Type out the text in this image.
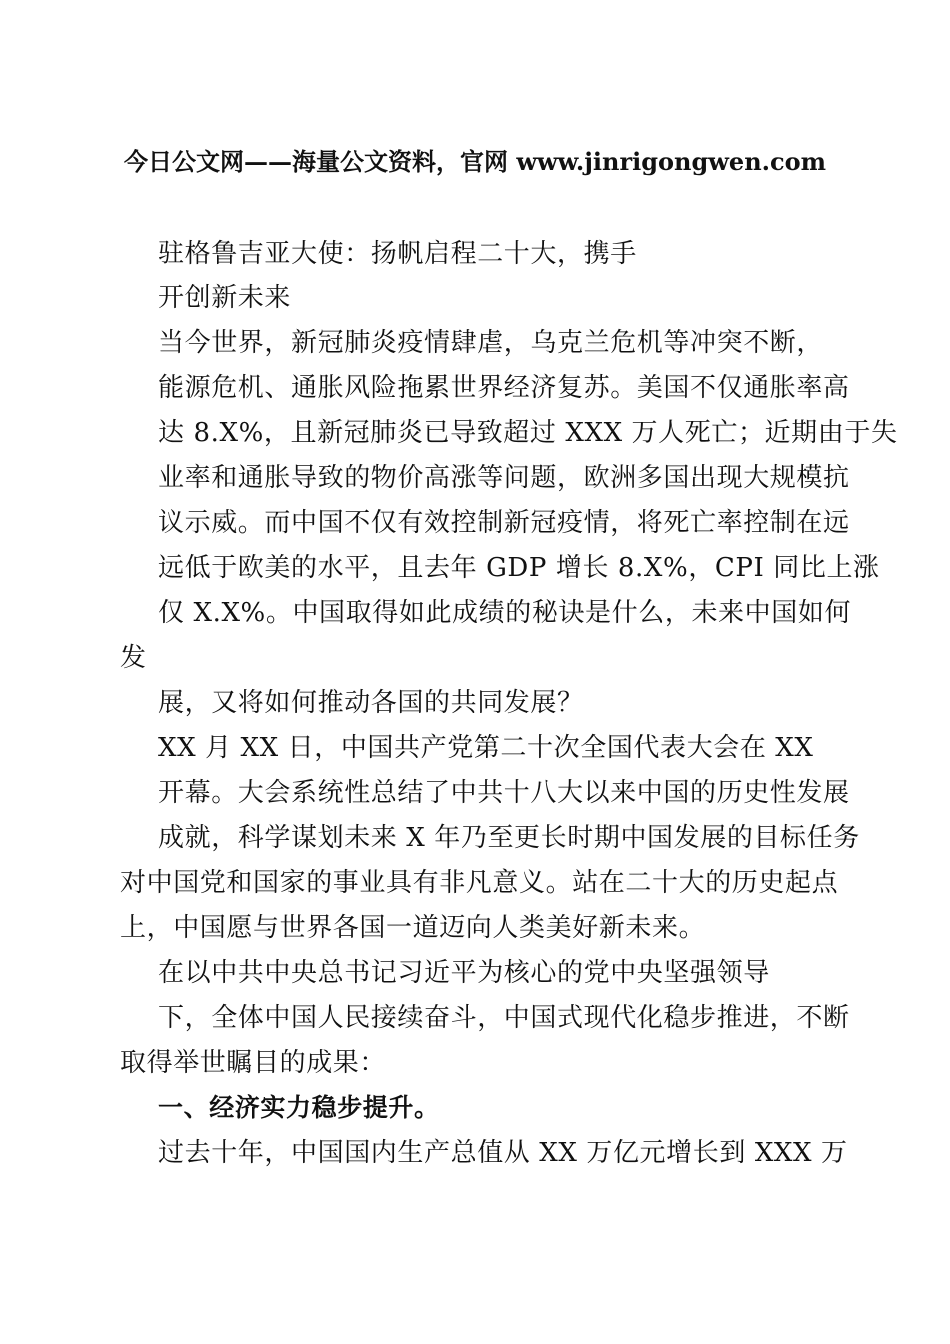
今日公文网——海量公文资料，官网 www.jinrigongwen.com
驻格鲁吉亚大使：扬帆启程二十大，携手
开创新未来
当今世界，新冠肺炎疫情肆虐，乌克兰危机等冲突不断，
能源危机、通胀风险拖累世界经济复苏。美国不仅通胀率高
达 8.X%，且新冠肺炎已导致超过 XXX 万人死亡；近期由于失
业率和通胀导致的物价高涨等问题，欧洲多国出现大规模抗
议示威。而中国不仅有效控制新冠疫情，将死亡率控制在远
远低于欧美的水平，且去年 GDP 增长 8.X%，CPI 同比上涨
仅 X.X%。中国取得如此成绩的秘诀是什么，未来中国如何
发
展，又将如何推动各国的共同发展？
XX 月 XX 日，中国共产党第二十次全国代表大会在 XX
开幕。大会系统性总结了中共十八大以来中国的历史性发展
成就，科学谋划未来 X 年乃至更长时期中国发展的目标任务
对中国党和国家的事业具有非凡意义。站在二十大的历史起点
上，中国愿与世界各国一道迈向人类美好新未来。
在以中共中央总书记习近平为核心的党中央坚强领导
下，全体中国人民接续奋斗，中国式现代化稳步推进，不断
取得举世瞩目的成果：
一、经济实力稳步提升。
过去十年，中国国内生产总值从 XX 万亿元增长到 XXX 万
